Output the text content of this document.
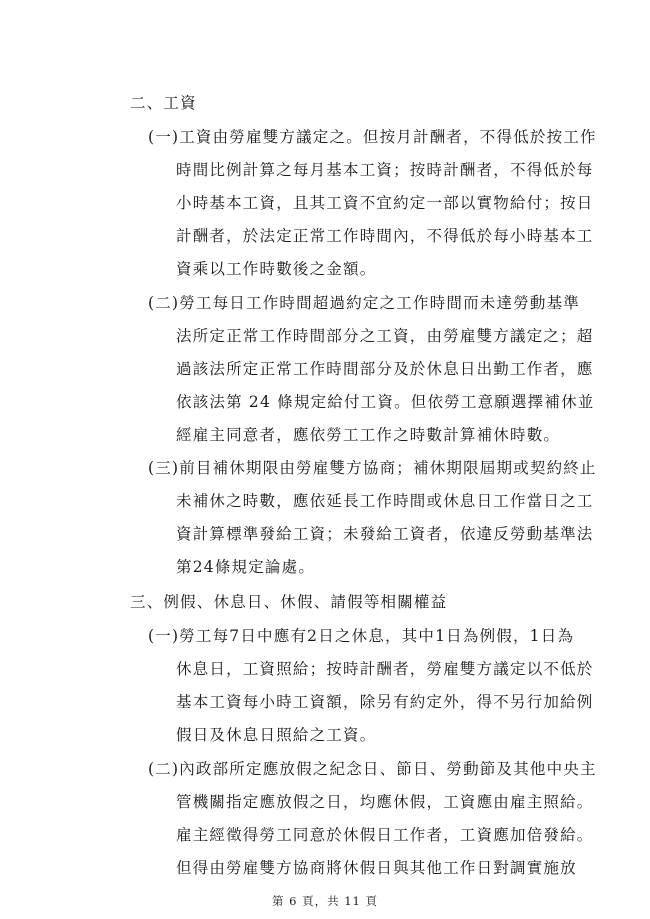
二、工資
(一)工資由勞雇雙方議定之。但按月計酬者，不得低於按工作
時間比例計算之每月基本工資；按時計酬者，不得低於每
小時基本工資，且其工資不宜約定一部以實物給付；按日
計酬者，於法定正常工作時間內，不得低於每小時基本工
資乘以工作時數後之金額。
(二)勞工每日工作時間超過約定之工作時間而未達勞動基準
法所定正常工作時間部分之工資，由勞雇雙方議定之；超
過該法所定正常工作時間部分及於休息日出勤工作者，應
依該法第 24 條規定給付工資。但依勞工意願選擇補休並
經雇主同意者，應依勞工工作之時數計算補休時數。
(三)前目補休期限由勞雇雙方協商；補休期限屆期或契約終止
未補休之時數，應依延長工作時間或休息日工作當日之工
資計算標準發給工資；未發給工資者，依違反勞動基準法
第24條規定論處。
三、例假、休息日、休假、請假等相關權益
(一)勞工每7日中應有2日之休息，其中1日為例假，1日為
休息日，工資照給；按時計酬者，勞雇雙方議定以不低於
基本工資每小時工資額，除另有約定外，得不另行加給例
假日及休息日照給之工資。
(二)內政部所定應放假之紀念日、節日、勞動節及其他中央主
管機關指定應放假之日，均應休假，工資應由雇主照給。
雇主經徵得勞工同意於休假日工作者，工資應加倍發給。
但得由勞雇雙方協商將休假日與其他工作日對調實施放
第 6 頁，共 11 頁
